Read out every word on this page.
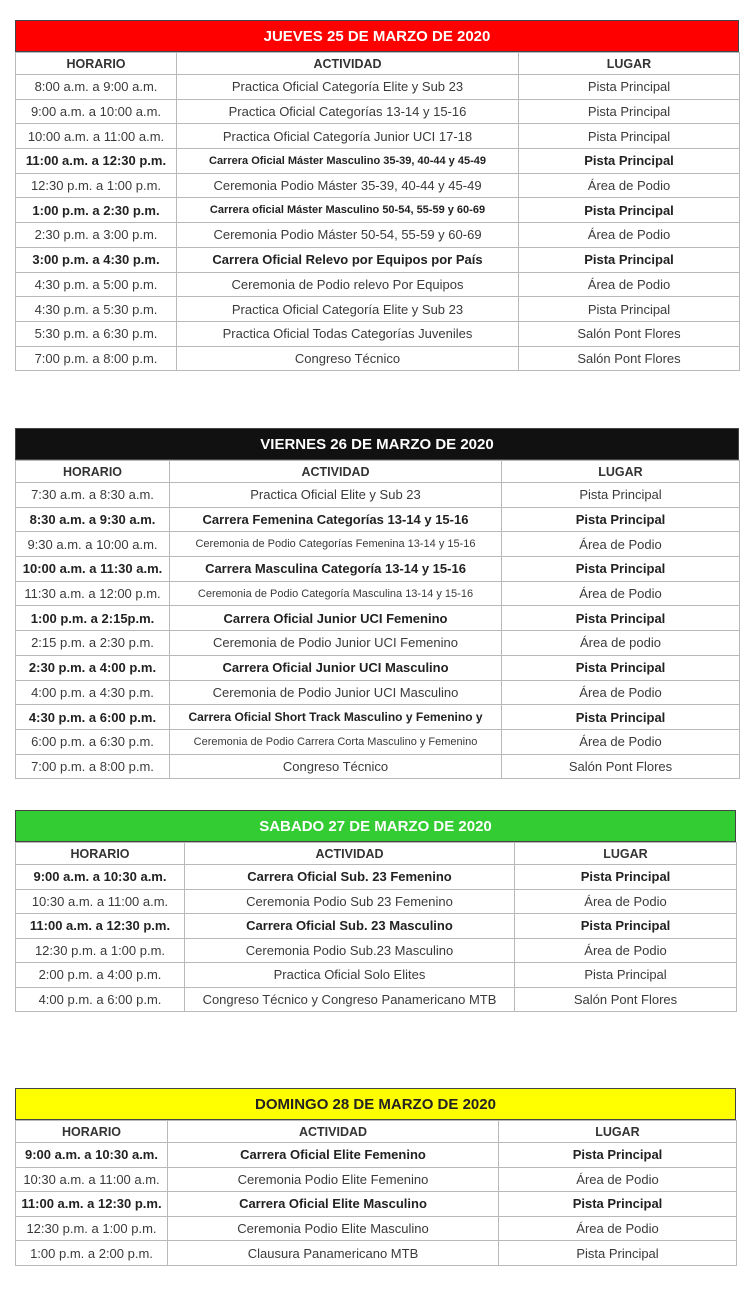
JUEVES 25 DE MARZO DE 2020
HORARIO	ACTIVIDAD	LUGAR
8:00 a.m. a 9:00 a.m.	Practica Oficial Categoría Elite y Sub 23	Pista Principal
9:00 a.m. a 10:00 a.m.	Practica Oficial Categorías 13-14 y 15-16	Pista Principal
10:00 a.m. a 11:00 a.m.	Practica Oficial Categoría Junior UCI 17-18	Pista Principal
11:00 a.m. a 12:30 p.m.	Carrera Oficial Máster Masculino 35-39, 40-44 y 45-49	Pista Principal
12:30 p.m. a 1:00 p.m.	Ceremonia Podio Máster 35-39, 40-44 y 45-49	Área de Podio
1:00 p.m. a 2:30 p.m.	Carrera oficial Máster Masculino 50-54, 55-59 y 60-69	Pista Principal
2:30 p.m. a 3:00 p.m.	Ceremonia Podio Máster 50-54, 55-59 y 60-69	Área de Podio
3:00 p.m. a 4:30 p.m.	Carrera Oficial Relevo por Equipos por País	Pista Principal
4:30 p.m. a 5:00 p.m.	Ceremonia de Podio relevo Por Equipos	Área de Podio
4:30 p.m. a 5:30 p.m.	Practica Oficial Categoría Elite y Sub 23	Pista Principal
5:30 p.m. a 6:30 p.m.	Practica Oficial Todas Categorías Juveniles	Salón Pont Flores
7:00 p.m. a 8:00 p.m.	Congreso Técnico	Salón Pont Flores
VIERNES 26 DE MARZO DE 2020
HORARIO	ACTIVIDAD	LUGAR
7:30 a.m. a 8:30 a.m.	Practica Oficial Elite y Sub 23	Pista Principal
8:30 a.m. a 9:30 a.m.	Carrera Femenina Categorías 13-14 y 15-16	Pista Principal
9:30 a.m. a 10:00 a.m.	Ceremonia de Podio Categorías Femenina 13-14 y 15-16	Área de Podio
10:00 a.m. a 11:30 a.m.	Carrera Masculina Categoría 13-14 y 15-16	Pista Principal
11:30 a.m. a 12:00 p.m.	Ceremonia de Podio Categoría Masculina 13-14 y 15-16	Área de Podio
1:00 p.m. a 2:15p.m.	Carrera Oficial Junior UCI Femenino	Pista Principal
2:15 p.m. a 2:30 p.m.	Ceremonia de Podio Junior UCI Femenino	Área de podio
2:30 p.m. a 4:00 p.m.	Carrera Oficial Junior UCI Masculino	Pista Principal
4:00 p.m. a 4:30 p.m.	Ceremonia de Podio Junior UCI Masculino	Área de Podio
4:30 p.m. a 6:00 p.m.	Carrera Oficial Short Track Masculino y Femenino y	Pista Principal
6:00 p.m. a 6:30 p.m.	Ceremonia de Podio Carrera Corta Masculino y Femenino	Área de Podio
7:00 p.m. a 8:00 p.m.	Congreso Técnico	Salón Pont Flores
SABADO 27 DE MARZO DE 2020
HORARIO	ACTIVIDAD	LUGAR
9:00 a.m. a 10:30 a.m.	Carrera Oficial Sub. 23 Femenino	Pista Principal
10:30 a.m. a 11:00 a.m.	Ceremonia Podio Sub 23 Femenino	Área de Podio
11:00 a.m. a 12:30 p.m.	Carrera Oficial Sub. 23 Masculino	Pista Principal
12:30 p.m. a 1:00 p.m.	Ceremonia Podio Sub.23 Masculino	Área de Podio
2:00 p.m. a 4:00 p.m.	Practica Oficial Solo Elites	Pista Principal
4:00 p.m. a 6:00 p.m.	Congreso Técnico y Congreso Panamericano MTB	Salón Pont Flores
DOMINGO 28 DE MARZO DE 2020
HORARIO	ACTIVIDAD	LUGAR
9:00 a.m. a 10:30 a.m.	Carrera Oficial Elite Femenino	Pista Principal
10:30 a.m. a 11:00 a.m.	Ceremonia Podio Elite Femenino	Área de Podio
11:00 a.m. a 12:30 p.m.	Carrera Oficial Elite Masculino	Pista Principal
12:30 p.m. a 1:00 p.m.	Ceremonia Podio Elite Masculino	Área de Podio
1:00 p.m. a 2:00 p.m.	Clausura Panamericano MTB	Pista Principal
